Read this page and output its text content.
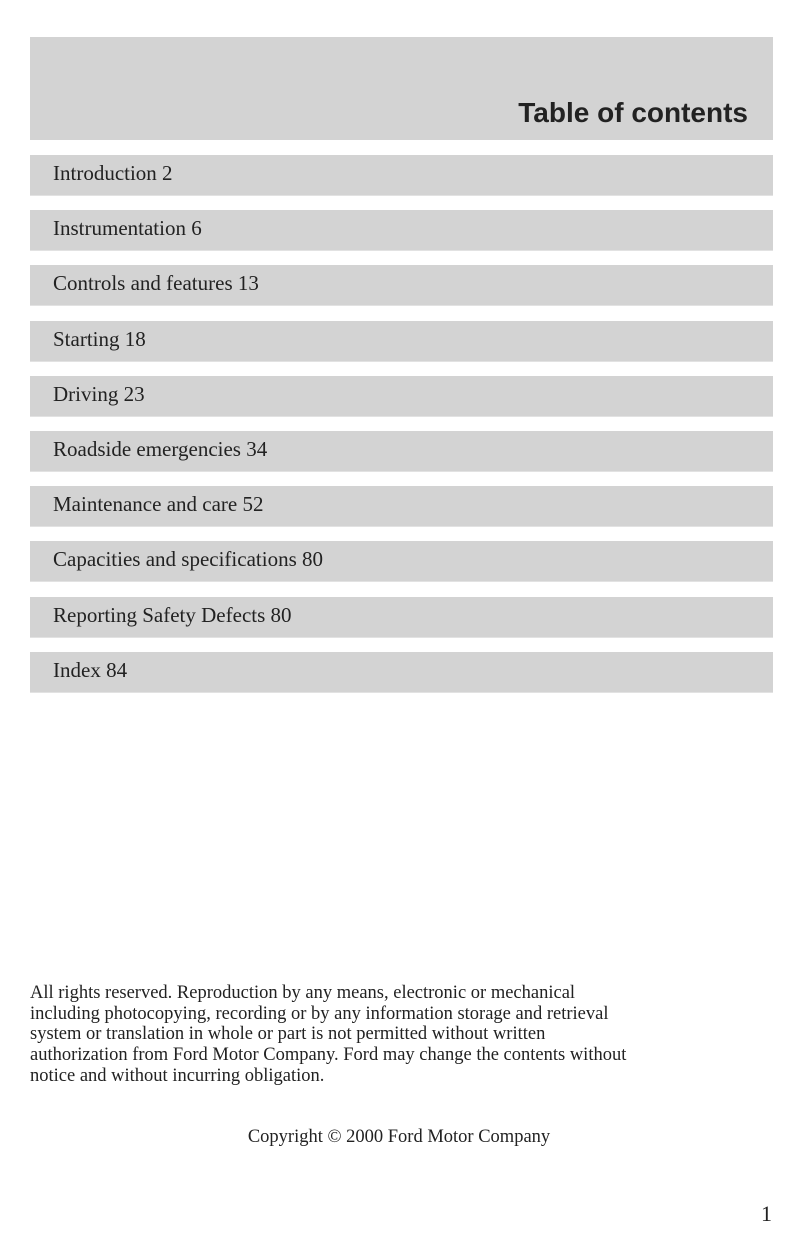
Table of contents
Introduction 2
Instrumentation 6
Controls and features 13
Starting 18
Driving 23
Roadside emergencies 34
Maintenance and care 52
Capacities and specifications 80
Reporting Safety Defects 80
Index 84
All rights reserved. Reproduction by any means, electronic or mechanical
including photocopying, recording or by any information storage and retrieval
system or translation in whole or part is not permitted without written
authorization from Ford Motor Company. Ford may change the contents without
notice and without incurring obligation.
Copyright © 2000 Ford Motor Company
1
